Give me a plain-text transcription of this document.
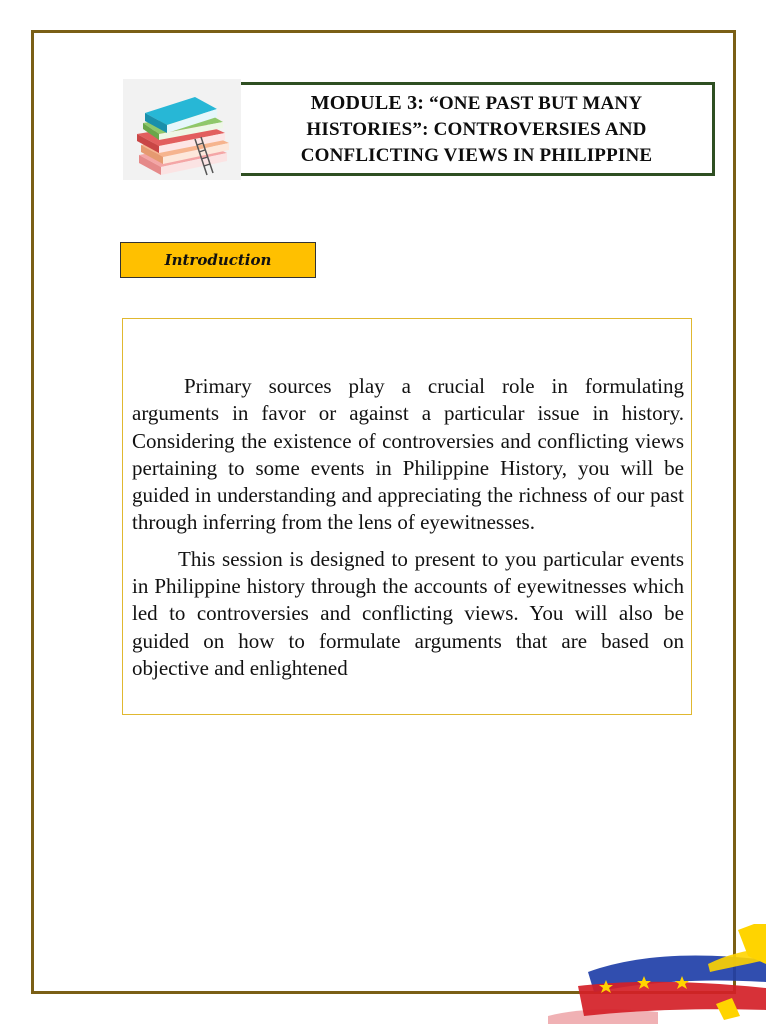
MODULE 3: “ONE PAST BUT MANY
HISTORIES”: CONTROVERSIES AND
CONFLICTING VIEWS IN PHILIPPINE
Introduction

Primary sources play a crucial role in formulating arguments in favor or against a particular issue in history. Considering the existence of controversies and conflicting views pertaining to some events in Philippine History, you will be guided in understanding and appreciating the richness of our past through inferring from the lens of eyewitnesses.

This session is designed to present to you particular events in Philippine history through the accounts of eyewitnesses which led to controversies and conflicting views. You will also be guided on how to formulate arguments that are based on objective and enlightened
